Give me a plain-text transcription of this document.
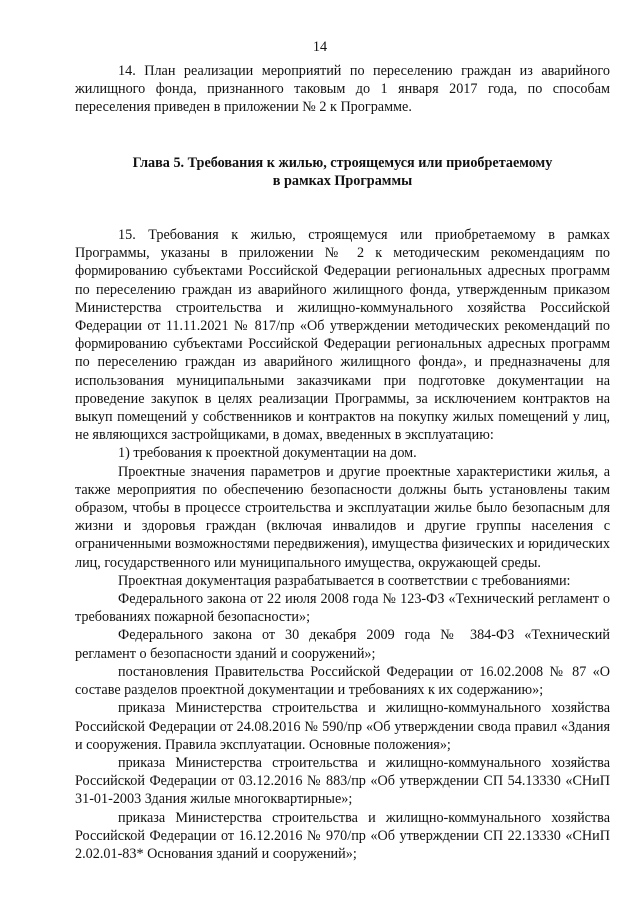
14

14. План реализации мероприятий по переселению граждан из аварийного жилищного фонда, признанного таковым до 1 января 2017 года, по способам переселения приведен в приложении № 2 к Программе.

Глава 5. Требования к жилью, строящемуся или приобретаемому
в рамках Программы

15. Требования к жилью, строящемуся или приобретаемому в рамках Программы, указаны в приложении № 2 к методическим рекомендациям по формированию субъектами Российской Федерации региональных адресных программ по переселению граждан из аварийного жилищного фонда, утвержденным приказом Министерства строительства и жилищно-коммунального хозяйства Российской Федерации от 11.11.2021 № 817/пр «Об утверждении методических рекомендаций по формированию субъектами Российской Федерации региональных адресных программ по переселению граждан из аварийного жилищного фонда», и предназначены для использования муниципальными заказчиками при подготовке документации на проведение закупок в целях реализации Программы, за исключением контрактов на выкуп помещений у собственников и контрактов на покупку жилых помещений у лиц, не являющихся застройщиками, в домах, введенных в эксплуатацию:

1) требования к проектной документации на дом.

Проектные значения параметров и другие проектные характеристики жилья, а также мероприятия по обеспечению безопасности должны быть установлены таким образом, чтобы в процессе строительства и эксплуатации жилье было безопасным для жизни и здоровья граждан (включая инвалидов и другие группы населения с ограниченными возможностями передвижения), имущества физических и юридических лиц, государственного или муниципального имущества, окружающей среды.

Проектная документация разрабатывается в соответствии с требованиями:

Федерального закона от 22 июля 2008 года № 123-ФЗ «Технический регламент о требованиях пожарной безопасности»;

Федерального закона от 30 декабря 2009 года № 384-ФЗ «Технический регламент о безопасности зданий и сооружений»;

постановления Правительства Российской Федерации от 16.02.2008 № 87 «О составе разделов проектной документации и требованиях к их содержанию»;

приказа Министерства строительства и жилищно-коммунального хозяйства Российской Федерации от 24.08.2016 № 590/пр «Об утверждении свода правил «Здания и сооружения. Правила эксплуатации. Основные положения»;

приказа Министерства строительства и жилищно-коммунального хозяйства Российской Федерации от 03.12.2016 № 883/пр «Об утверждении СП 54.13330 «СНиП 31-01-2003 Здания жилые многоквартирные»;

приказа Министерства строительства и жилищно-коммунального хозяйства Российской Федерации от 16.12.2016 № 970/пр «Об утверждении СП 22.13330 «СНиП 2.02.01-83* Основания зданий и сооружений»;
